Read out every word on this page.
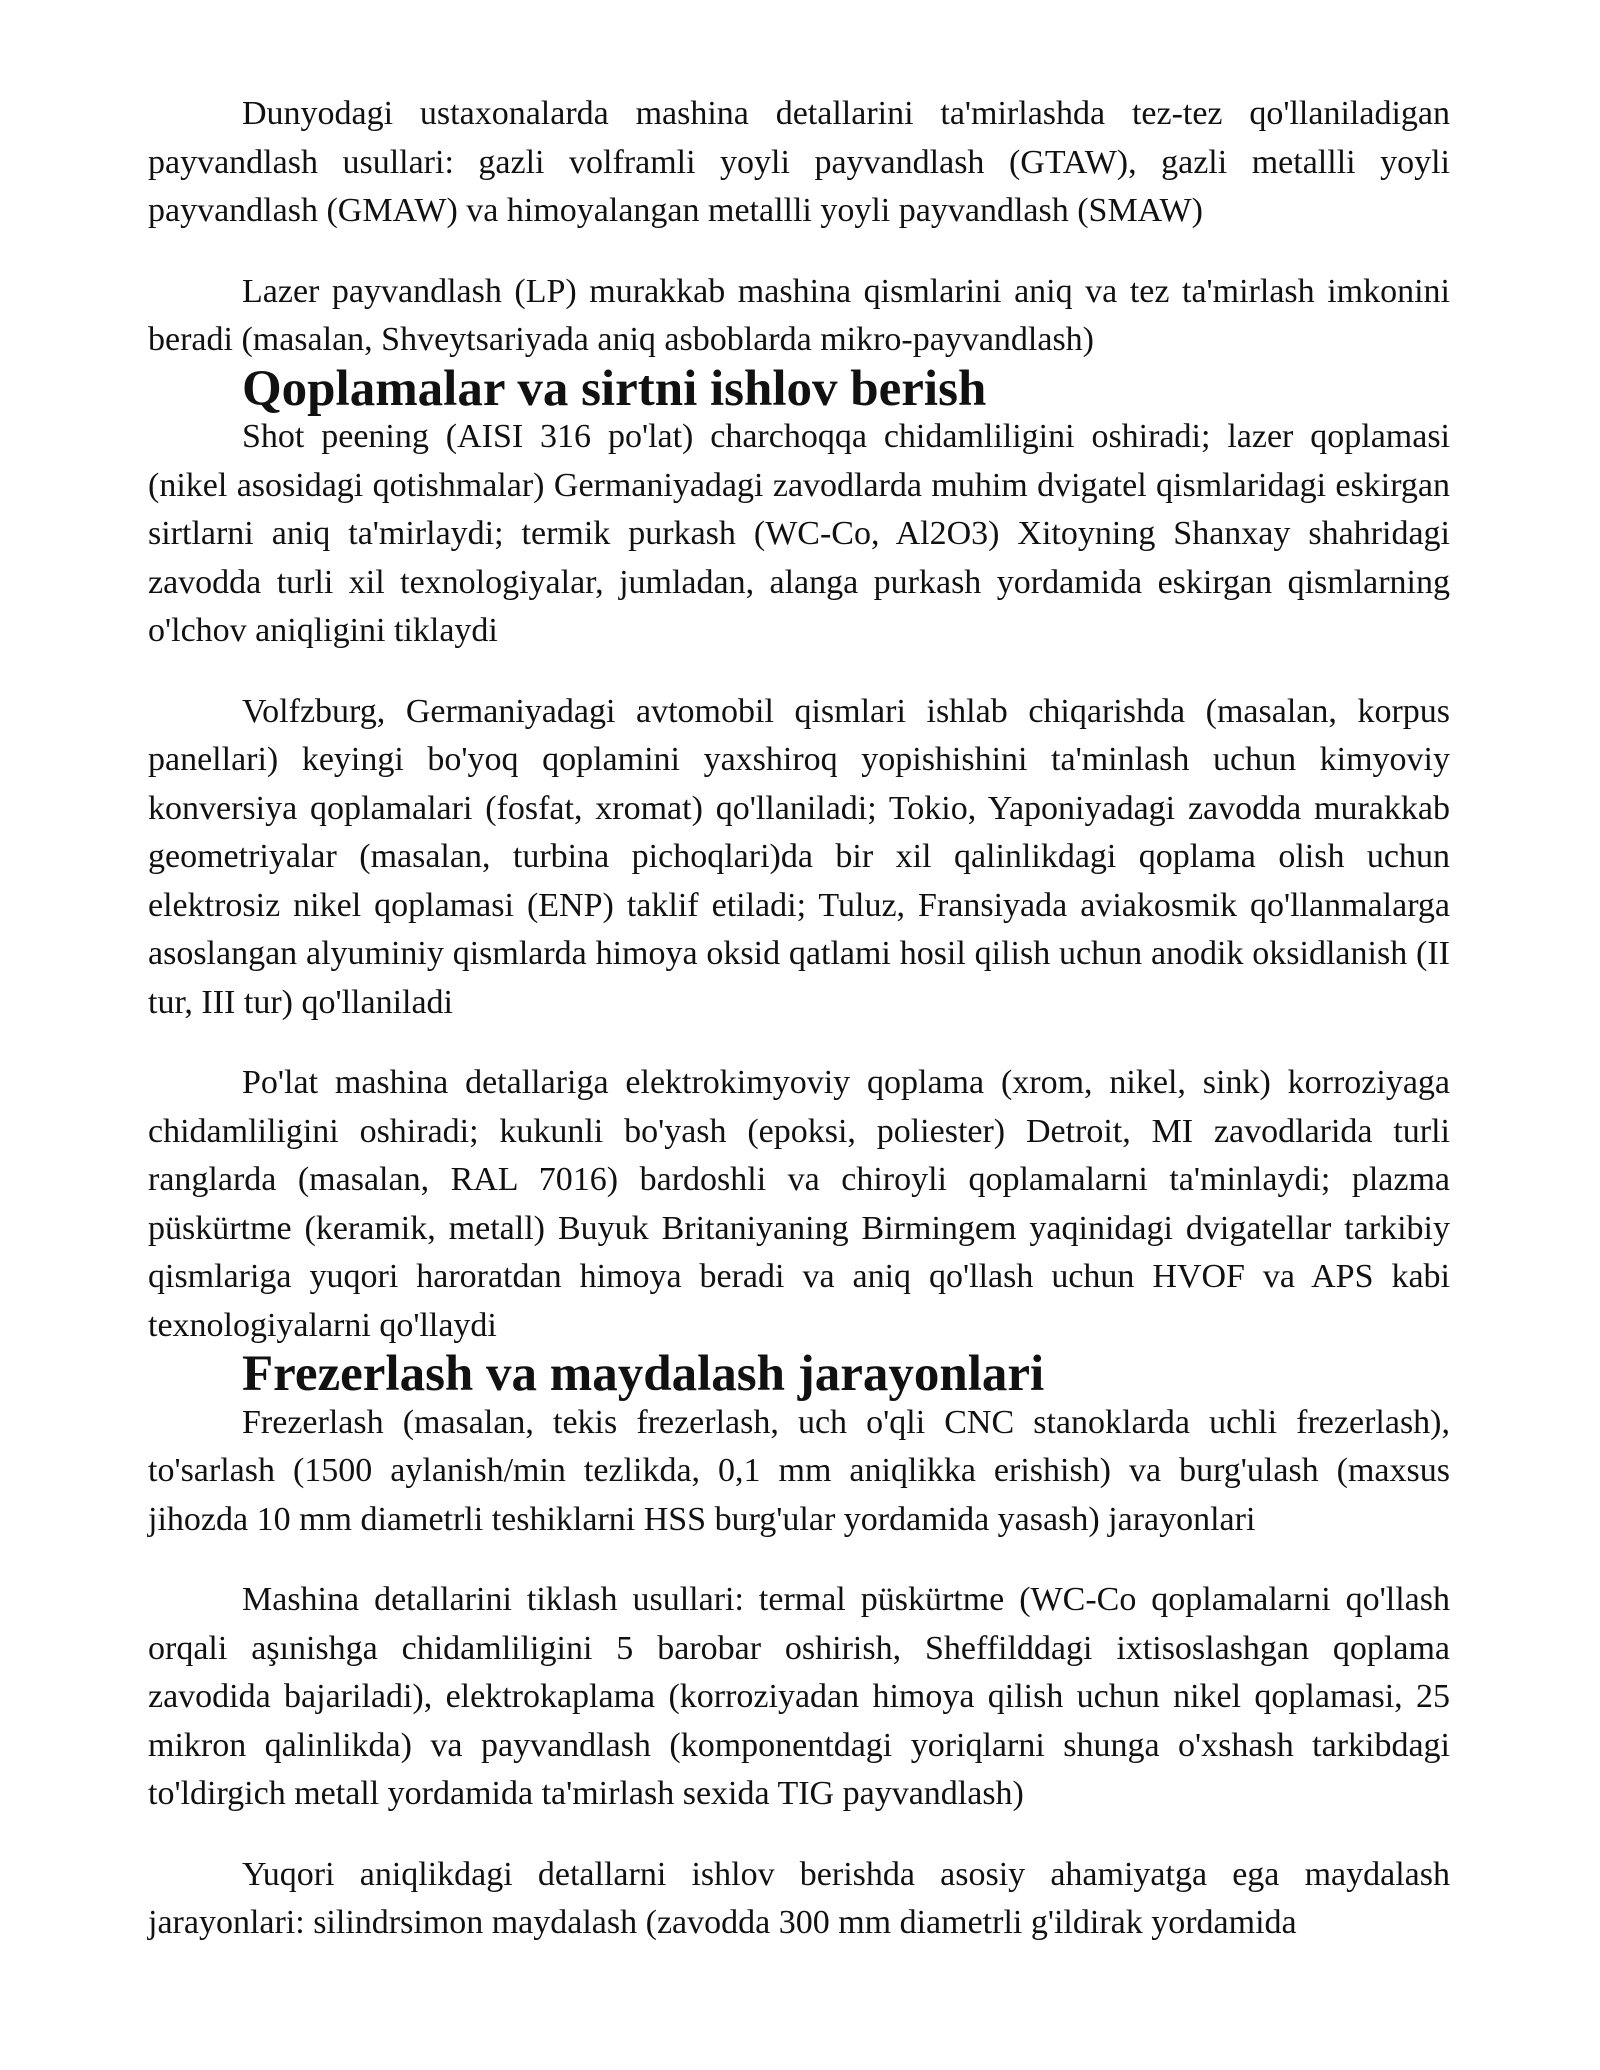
Dunyodagi ustaxonalarda mashina detallarini ta'mirlashda tez-tez qo'llaniladigan payvandlash usullari: gazli volframli yoyli payvandlash (GTAW), gazli metallli yoyli payvandlash (GMAW) va himoyalangan metallli yoyli payvandlash (SMAW)

Lazer payvandlash (LP) murakkab mashina qismlarini aniq va tez ta'mirlash imkonini beradi (masalan, Shveytsariyada aniq asboblarda mikro-payvandlash)

Qoplamalar va sirtni ishlov berish

Shot peening (AISI 316 po'lat) charchoqqa chidamliligini oshiradi; lazer qoplamasi (nikel asosidagi qotishmalar) Germaniyadagi zavodlarda muhim dvigatel qismlaridagi eskirgan sirtlarni aniq ta'mirlaydi; termik purkash (WC-Co, Al2O3) Xitoyning Shanxay shahridagi zavodda turli xil texnologiyalar, jumladan, alanga purkash yordamida eskirgan qismlarning o'lchov aniqligini tiklaydi

Volfzburg, Germaniyadagi avtomobil qismlari ishlab chiqarishda (masalan, korpus panellari) keyingi bo'yoq qoplamini yaxshiroq yopishishini ta'minlash uchun kimyoviy konversiya qoplamalari (fosfat, xromat) qo'llaniladi; Tokio, Yaponiyadagi zavodda murakkab geometriyalar (masalan, turbina pichoqlari)da bir xil qalinlikdagi qoplama olish uchun elektrosiz nikel qoplamasi (ENP) taklif etiladi; Tuluz, Fransiyada aviakosmik qo'llanmalarga asoslangan alyuminiy qismlarda himoya oksid qatlami hosil qilish uchun anodik oksidlanish (II tur, III tur) qo'llaniladi

Po'lat mashina detallariga elektrokimyoviy qoplama (xrom, nikel, sink) korroziyaga chidamliligini oshiradi; kukunli bo'yash (epoksi, poliester) Detroit, MI zavodlarida turli ranglarda (masalan, RAL 7016) bardoshli va chiroyli qoplamalarni ta'minlaydi; plazma püskürtme (keramik, metall) Buyuk Britaniyaning Birmingem yaqinidagi dvigatellar tarkibiy qismlariga yuqori haroratdan himoya beradi va aniq qo'llash uchun HVOF va APS kabi texnologiyalarni qo'llaydi

Frezerlash va maydalash jarayonlari

Frezerlash (masalan, tekis frezerlash, uch o'qli CNC stanoklarda uchli frezerlash), to'sarlash (1500 aylanish/min tezlikda, 0,1 mm aniqlikka erishish) va burg'ulash (maxsus jihozda 10 mm diametrli teshiklarni HSS burg'ular yordamida yasash) jarayonlari

Mashina detallarini tiklash usullari: termal püskürtme (WC-Co qoplamalarni qo'llash orqali aşınishga chidamliligini 5 barobar oshirish, Sheffilddagi ixtisoslashgan qoplama zavodida bajariladi), elektrokaplama (korroziyadan himoya qilish uchun nikel qoplamasi, 25 mikron qalinlikda) va payvandlash (komponentdagi yoriqlarni shunga o'xshash tarkibdagi to'ldirgich metall yordamida ta'mirlash sexida TIG payvandlash)

Yuqori aniqlikdagi detallarni ishlov berishda asosiy ahamiyatga ega maydalash jarayonlari: silindrsimon maydalash (zavodda 300 mm diametrli g'ildirak yordamida
